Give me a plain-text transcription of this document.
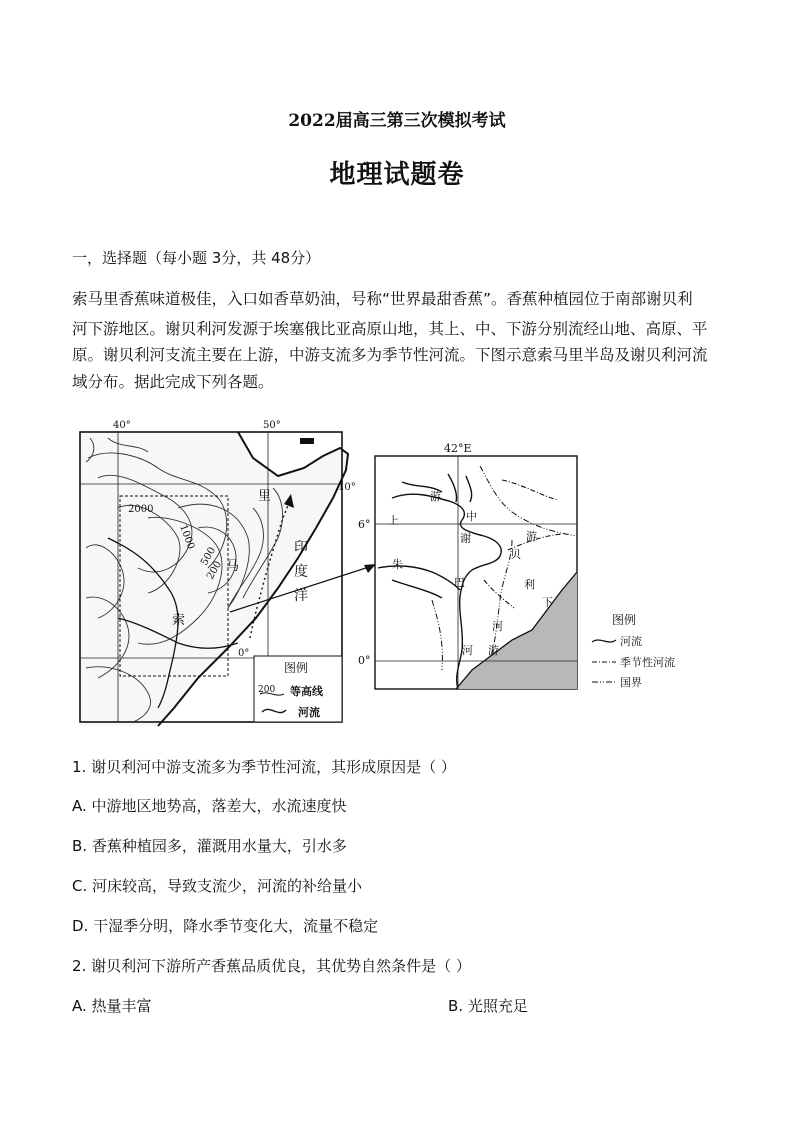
2022届高三第三次模拟考试
地理试题卷
一，选择题（每小题 3分，共 48分）
索马里香蕉味道极佳，入口如香草奶油，号称“世界最甜香蕉”。香蕉种植园位于南部谢贝利
河下游地区。谢贝利河发源于埃塞俄比亚高原山地，其上、中、下游分别流经山地、高原、平
原。谢贝利河支流主要在上游，中游支流多为季节性河流。下图示意索马里半岛及谢贝利河流
域分布。据此完成下列各题。
40°	50°
10°
0°
2000
1000
500
200
里
马
索
印
度
洋
图例
200 等高线
河流
42°E
6°
0°
游
上	中
谢	游
贝
利
下
河
游
朱
巴
河
图例
河流
季节性河流
国界
1. 谢贝利河中游支流多为季节性河流，其形成原因是（ ）
A. 中游地区地势高，落差大，水流速度快
B. 香蕉种植园多，灌溉用水量大，引水多
C. 河床较高，导致支流少，河流的补给量小
D. 干湿季分明，降水季节变化大，流量不稳定
2. 谢贝利河下游所产香蕉品质优良，其优势自然条件是（ ）
A. 热量丰富	B. 光照充足
